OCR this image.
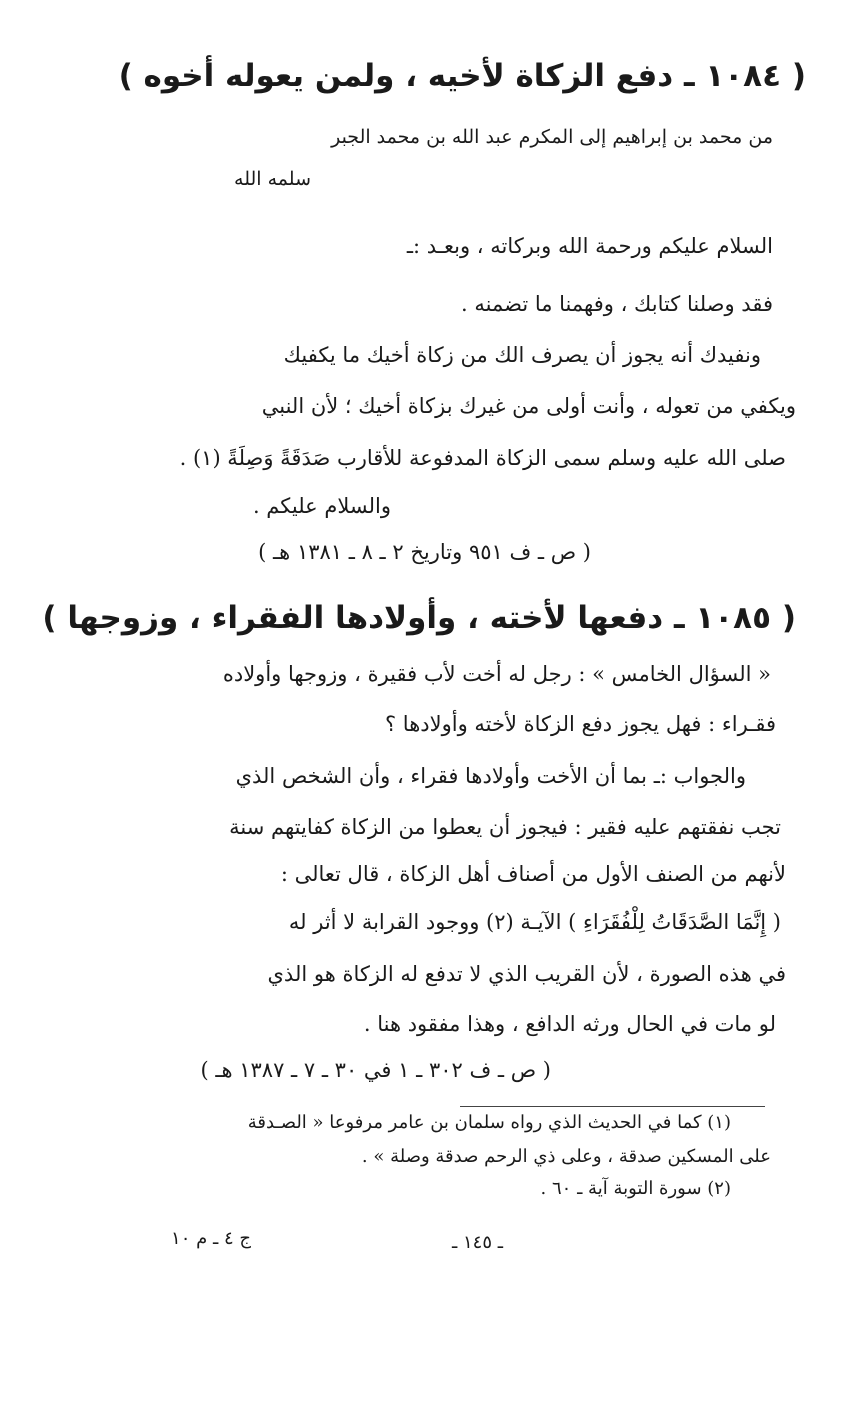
( ١٠٨٤ ـ دفع الزكاة لأخيه ، ولمن يعوله أخوه )
من محمد بن إبراهيم إلى المكرم عبد الله بن محمد الجبر
سلمه الله
السلام عليكم ورحمة الله وبركاته ، وبعـد :ـ
فقد وصلنا كتابك ، وفهمنا ما تضمنه .
ونفيدك أنه يجوز أن يصرف الك من زكاة أخيك ما يكفيك
ويكفي من تعوله ، وأنت أولى من غيرك بزكاة أخيك ؛ لأن النبي
صلى الله عليه وسلم سمى الزكاة المدفوعة للأقارب صَدَقَةً وَصِلَةً (١) .
والسلام عليكم .
( ص ـ ف ٩٥١ وتاريخ ٢ ـ ٨ ـ ١٣٨١ هـ )
( ١٠٨٥ ـ دفعها لأخته ، وأولادها الفقراء ، وزوجها )
« السؤال الخامس » : رجل له أخت لأب فقيرة ، وزوجها وأولاده
فقـراء : فهل يجوز دفع الزكاة لأخته وأولادها ؟
والجواب :ـ بما أن الأخت وأولادها فقراء ، وأن الشخص الذي
تجب نفقتهم عليه فقير : فيجوز أن يعطوا من الزكاة كفايتهم سنة
لأنهم من الصنف الأول من أصناف أهل الزكاة ، قال تعالى :
( إِنَّمَا الصَّدَقَاتُ لِلْفُقَرَاءِ ) الآيـة (٢) ووجود القرابة لا أثر له
في هذه الصورة ، لأن القريب الذي لا تدفع له الزكاة هو الذي
لو مات في الحال ورثه الدافع ، وهذا مفقود هنا .
( ص ـ ف ٣٠٢ ـ ١ في ٣٠ ـ ٧ ـ ١٣٨٧ هـ )
(١) كما في الحديث الذي رواه سلمان بن عامر مرفوعا « الصـدقة
على المسكين صدقة ، وعلى ذي الرحم صدقة وصلة » .
(٢) سورة التوبة آية ـ ٦٠ .
ـ ١٤٥ ـ
ج ٤ ـ م ١٠
